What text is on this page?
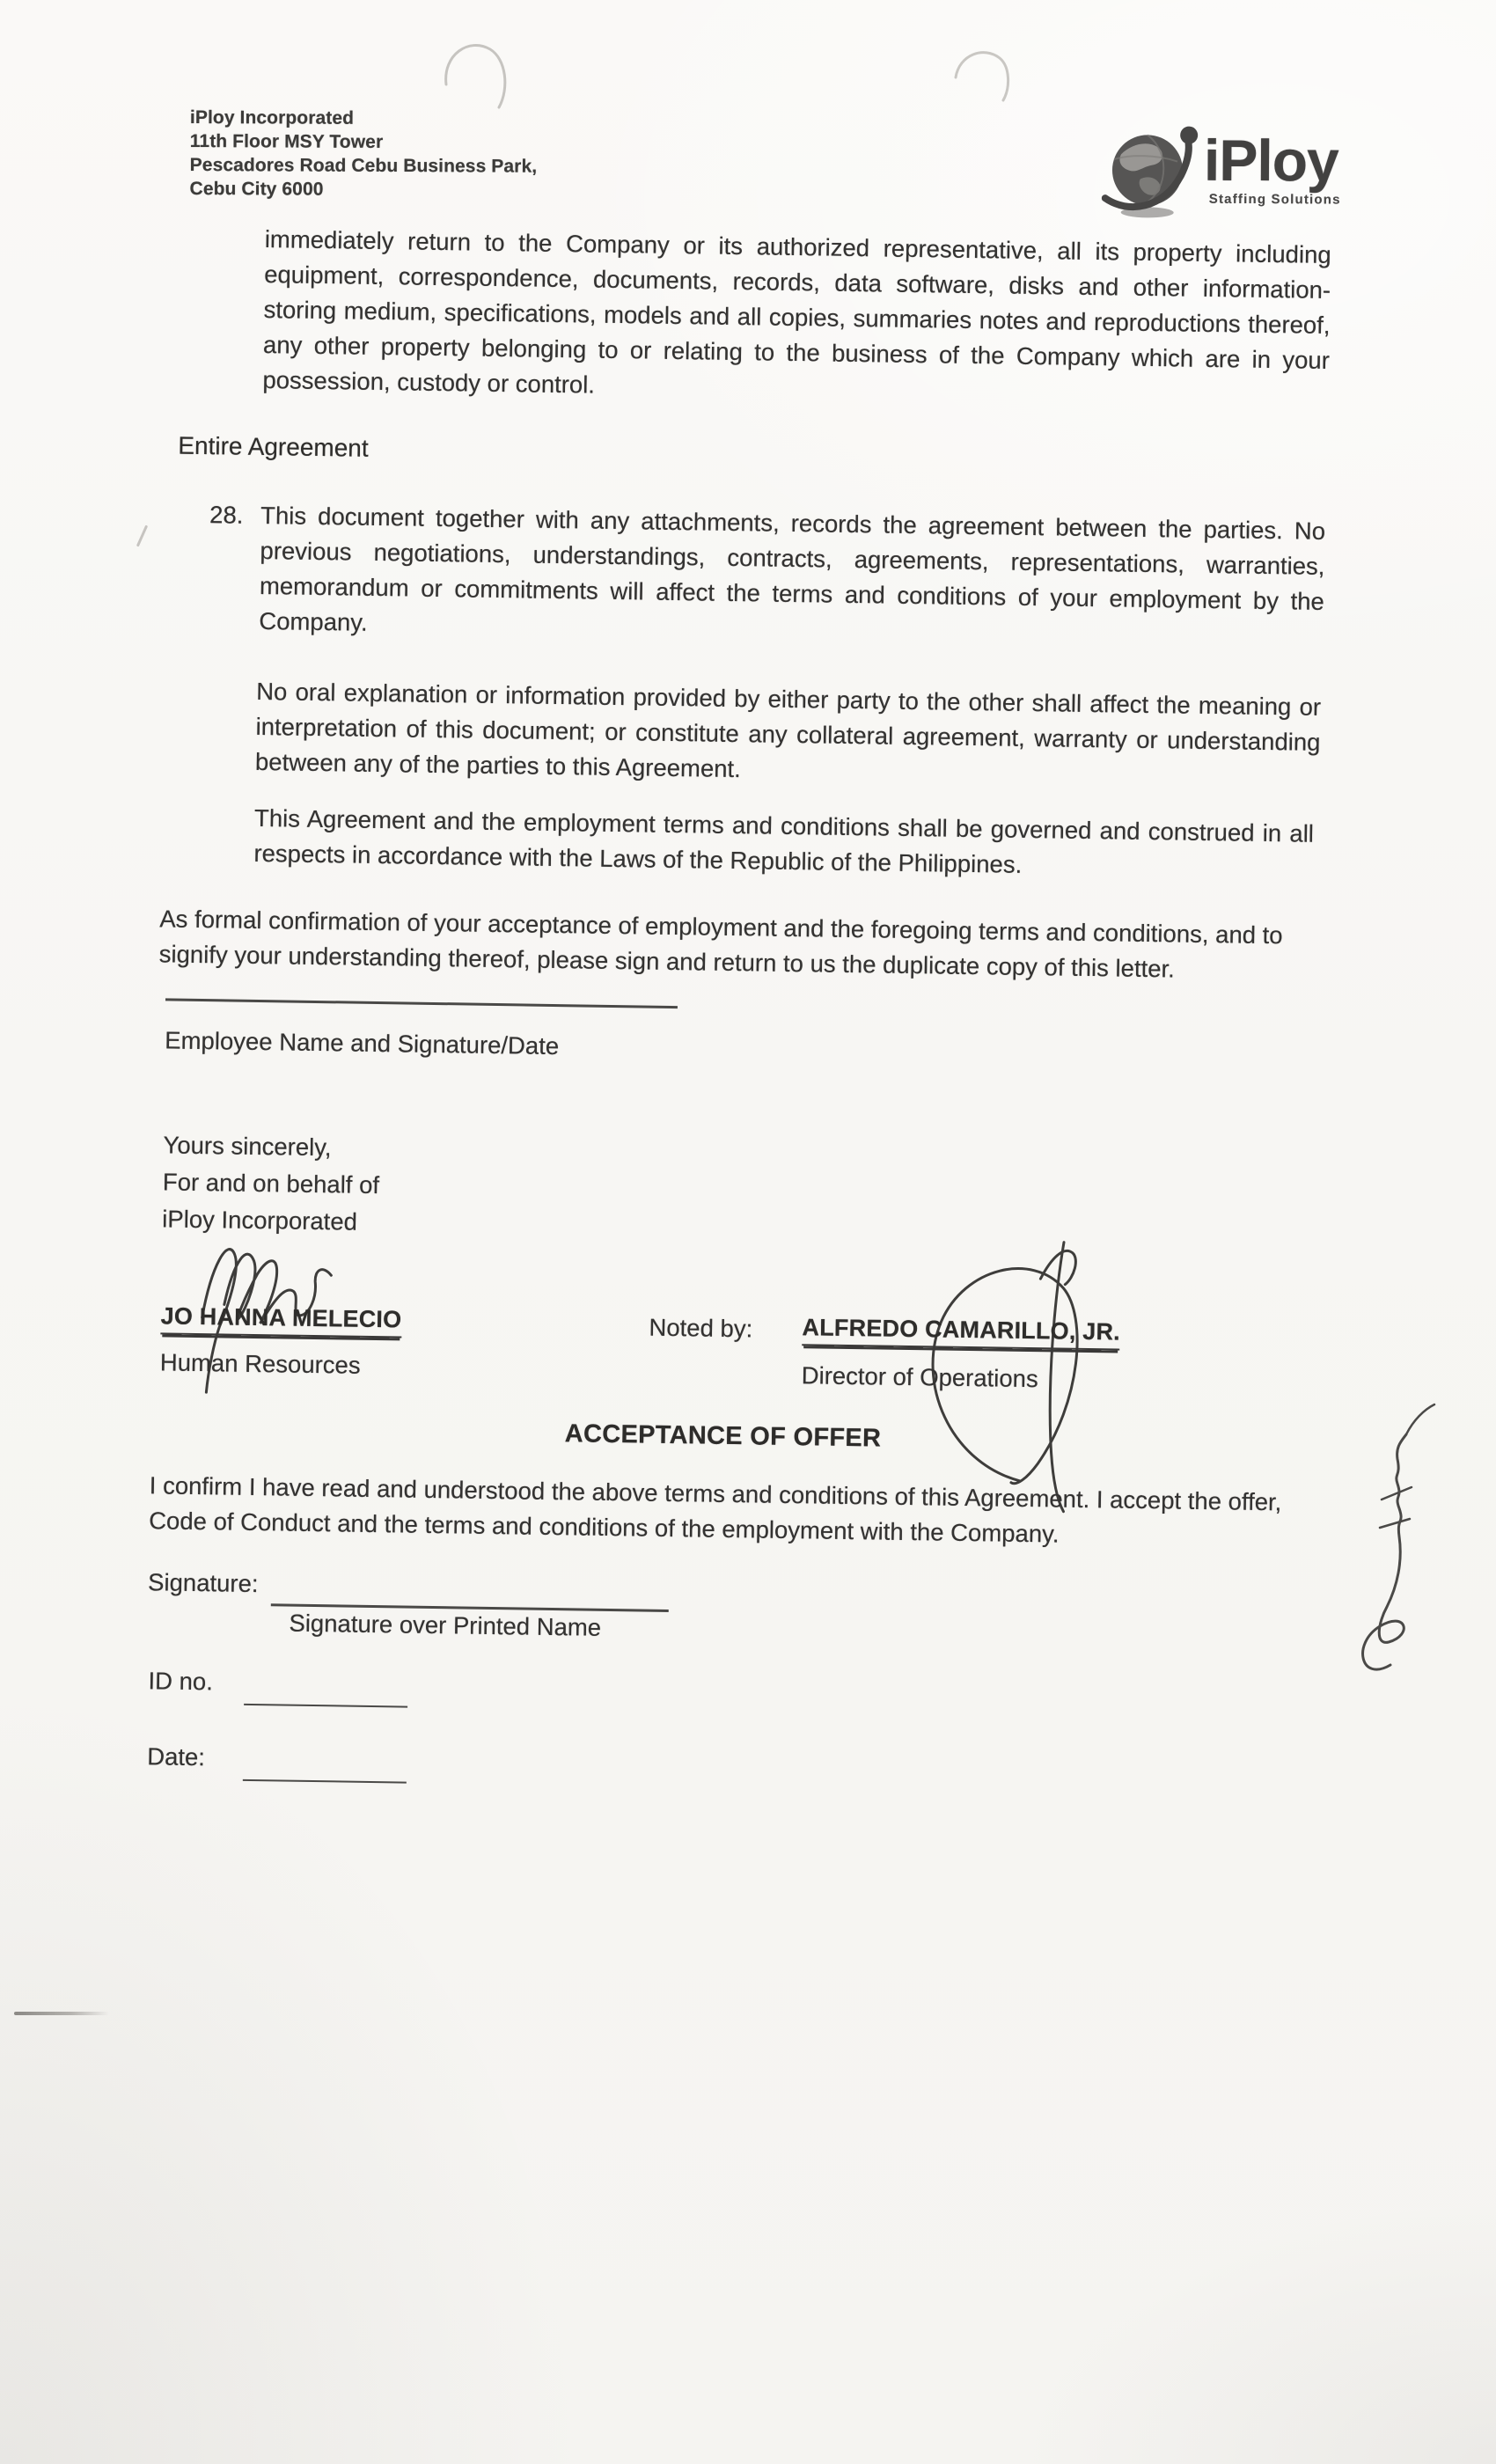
iPloy Incorporated
11th Floor MSY Tower
Pescadores Road Cebu Business Park,
Cebu City 6000	iPloy
Staffing Solutions
immediately return to the Company or its authorized representative, all its property including equipment, correspondence, documents, records, data software, disks and other information-storing medium, specifications, models and all copies, summaries notes and reproductions thereof, any other property belonging to or relating to the business of the Company which are in your possession, custody or control.
Entire Agreement
28. This document together with any attachments, records the agreement between the parties. No previous negotiations, understandings, contracts, agreements, representations, warranties, memorandum or commitments will affect the terms and conditions of your employment by the Company.
No oral explanation or information provided by either party to the other shall affect the meaning or interpretation of this document; or constitute any collateral agreement, warranty or understanding between any of the parties to this Agreement.
This Agreement and the employment terms and conditions shall be governed and construed in all respects in accordance with the Laws of the Republic of the Philippines.
As formal confirmation of your acceptance of employment and the foregoing terms and conditions, and to signify your understanding thereof, please sign and return to us the duplicate copy of this letter.
Employee Name and Signature/Date
Yours sincerely,
For and on behalf of
iPloy Incorporated
JO HANNA MELECIO
Human Resources
Noted by: ALFREDO CAMARILLO, JR.
Director of Operations
ACCEPTANCE OF OFFER
I confirm I have read and understood the above terms and conditions of this Agreement. I accept the offer, Code of Conduct and the terms and conditions of the employment with the Company.
Signature:
Signature over Printed Name
ID no.
Date:
